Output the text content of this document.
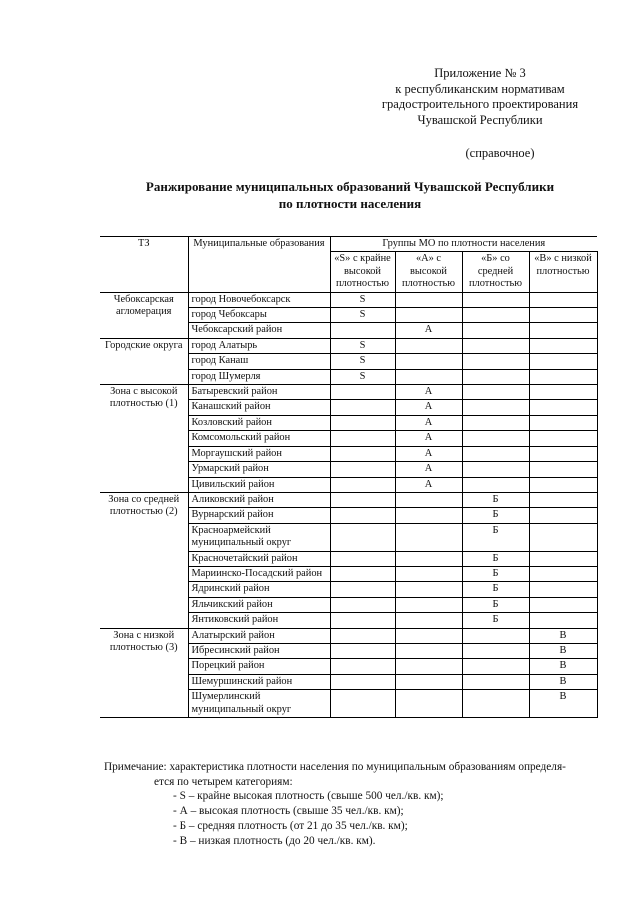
Приложение № 3
к республиканским нормативам
градостроительного проектирования
Чувашской Республики
(справочное)
Ранжирование муниципальных образований Чувашской Республики
по плотности населения
ТЗ	Муниципальные образования	Группы МО по плотности населения			
		«S» с крайне высокой плотностью	«А» с высокой плотностью	«Б» со средней плотностью	«В» с низкой плотностью
Чебоксарская агломерация	город Новочебоксарск	S			
	город Чебоксары	S			
	Чебоксарский район		А		
Городские округа	город Алатырь	S			
	город Канаш	S			
	город Шумерля	S			
Зона с высокой плотностью (1)	Батыревский район		А		
	Канашский район		А		
	Козловский район		А		
	Комсомольский район		А		
	Моргаушский район		А		
	Урмарский район		А		
	Цивильский район		А		
Зона со средней плотностью (2)	Аликовский район			Б	
	Вурнарский район			Б	
	Красноармейский муниципальный округ			Б	
	Красночетайский район			Б	
	Мариинско-Посадский район			Б	
	Ядринский район			Б	
	Яльчикский район			Б	
	Янтиковский район			Б	
Зона с низкой плотностью (3)	Алатырский район				В
	Ибресинский район				В
	Порецкий район				В
	Шемуршинский район				В
	Шумерлинский муниципальный округ				В
Примечание: характеристика плотности населения по муниципальным образованиям определя-
ется по четырем категориям:
- S – крайне высокая плотность (свыше 500 чел./кв. км);
- А – высокая плотность (свыше 35 чел./кв. км);
- Б – средняя плотность (от 21 до 35 чел./кв. км);
- В – низкая плотность (до 20 чел./кв. км).
